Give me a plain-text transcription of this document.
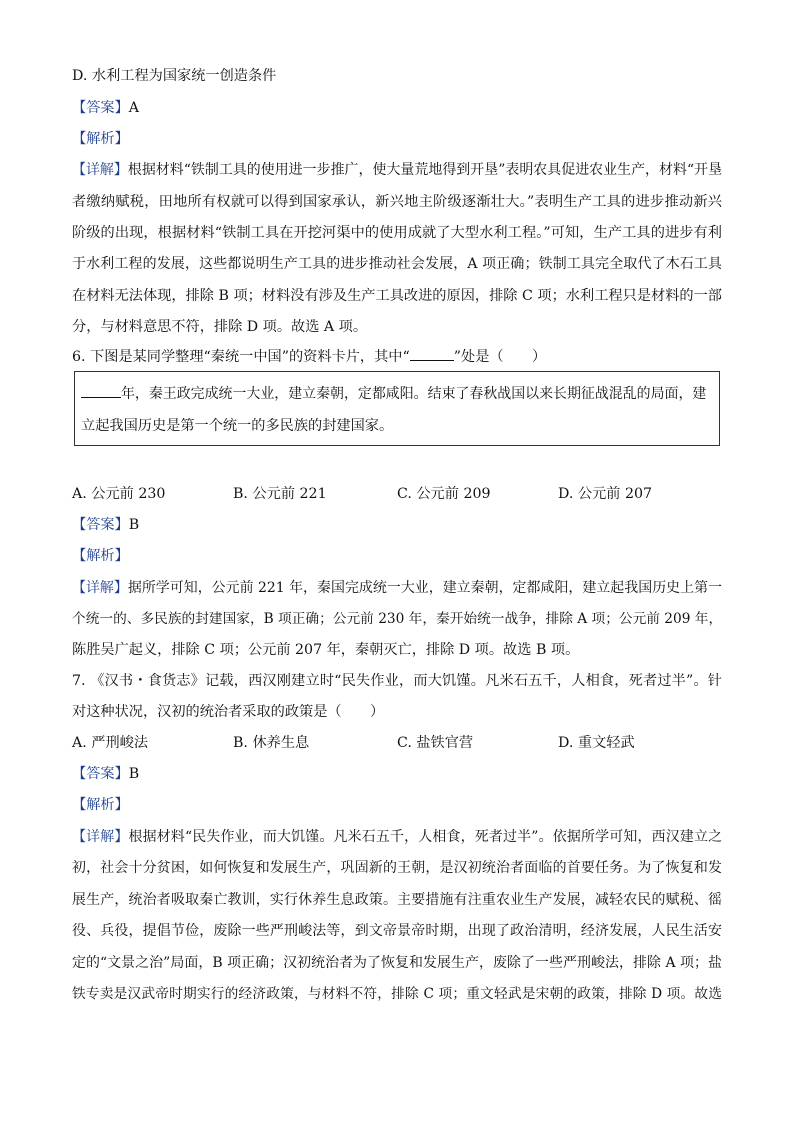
D. 水利工程为国家统一创造条件
【答案】A
【解析】
【详解】根据材料“铁制工具的使用进一步推广，使大量荒地得到开垦”表明农具促进农业生产，材料“开垦
者缴纳赋税，田地所有权就可以得到国家承认，新兴地主阶级逐渐壮大。”表明生产工具的进步推动新兴
阶级的出现，根据材料“铁制工具在开挖河渠中的使用成就了大型水利工程。”可知，生产工具的进步有利
于水利工程的发展，这些都说明生产工具的进步推动社会发展，A 项正确；铁制工具完全取代了木石工具
在材料无法体现，排除 B 项；材料没有涉及生产工具改进的原因，排除 C 项；水利工程只是材料的一部
分，与材料意思不符，排除 D 项。故选 A 项。
6. 下图是某同学整理“秦统一中国”的资料卡片，其中“	”处是（　　）
年，秦王政完成统一大业，建立秦朝，定都咸阳。结束了春秋战国以来长期征战混乱的局面，建
立起我国历史是第一个统一的多民族的封建国家。
A. 公元前 230	B. 公元前 221	C. 公元前 209	D. 公元前 207
【答案】B
【解析】
【详解】据所学可知，公元前 221 年，秦国完成统一大业，建立秦朝，定都咸阳，建立起我国历史上第一
个统一的、多民族的封建国家，B 项正确；公元前 230 年，秦开始统一战争，排除 A 项；公元前 209 年，
陈胜吴广起义，排除 C 项；公元前 207 年，秦朝灭亡，排除 D 项。故选 B 项。
7. 《汉书・食货志》记载，西汉刚建立时“民失作业，而大饥馑。凡米石五千，人相食，死者过半”。针
对这种状况，汉初的统治者采取的政策是（　　）
A. 严刑峻法	B. 休养生息	C. 盐铁官营	D. 重文轻武
【答案】B
【解析】
【详解】根据材料“民失作业，而大饥馑。凡米石五千，人相食，死者过半”。依据所学可知，西汉建立之
初，社会十分贫困，如何恢复和发展生产，巩固新的王朝，是汉初统治者面临的首要任务。为了恢复和发
展生产，统治者吸取秦亡教训，实行休养生息政策。主要措施有注重农业生产发展，减轻农民的赋税、徭
役、兵役，提倡节俭，废除一些严刑峻法等，到文帝景帝时期，出现了政治清明，经济发展，人民生活安
定的“文景之治”局面，B 项正确；汉初统治者为了恢复和发展生产，废除了一些严刑峻法，排除 A 项；盐
铁专卖是汉武帝时期实行的经济政策，与材料不符，排除 C 项；重文轻武是宋朝的政策，排除 D 项。故选
